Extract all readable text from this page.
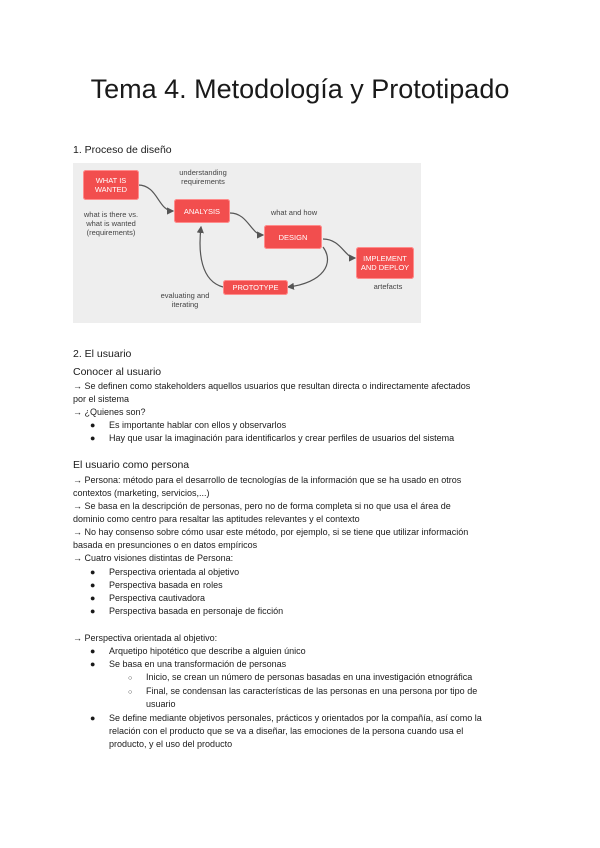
Tema 4. Metodología y Prototipado

1. Proceso de diseño

WHAT IS WANTED
ANALYSIS
DESIGN
IMPLEMENT AND DEPLOY
PROTOTYPE
understanding requirements
what is there vs. what is wanted (requirements)
what and how
evaluating and iterating
artefacts

2. El usuario

Conocer al usuario

→ Se definen como stakeholders aquellos usuarios que resultan directa o indirectamente afectados

por el sistema

→ ¿Quienes son?

● Es importante hablar con ellos y observarlos

● Hay que usar la imaginación para identificarlos y crear perfiles de usuarios del sistema

El usuario como persona

→ Persona: método para el desarrollo de tecnologías de la información que se ha usado en otros

contextos (marketing, servicios,...)

→ Se basa en la descripción de personas, pero no de forma completa si no que usa el área de

dominio como centro para resaltar las aptitudes relevantes y el contexto

→ No hay consenso sobre cómo usar este método, por ejemplo, si se tiene que utilizar información

basada en presunciones o en datos empíricos

→ Cuatro visiones distintas de Persona:

● Perspectiva orientada al objetivo

● Perspectiva basada en roles

● Perspectiva cautivadora

● Perspectiva basada en personaje de ficción

→ Perspectiva orientada al objetivo:

● Arquetipo hipotético que describe a alguien único

● Se basa en una transformación de personas

○ Inicio, se crean un número de personas basadas en una investigación etnográfica

○ Final, se condensan las características de las personas en una persona por tipo de

usuario

● Se define mediante objetivos personales, prácticos y orientados por la compañía, así como la

relación con el producto que se va a diseñar, las emociones de la persona cuando usa el

producto, y el uso del producto
